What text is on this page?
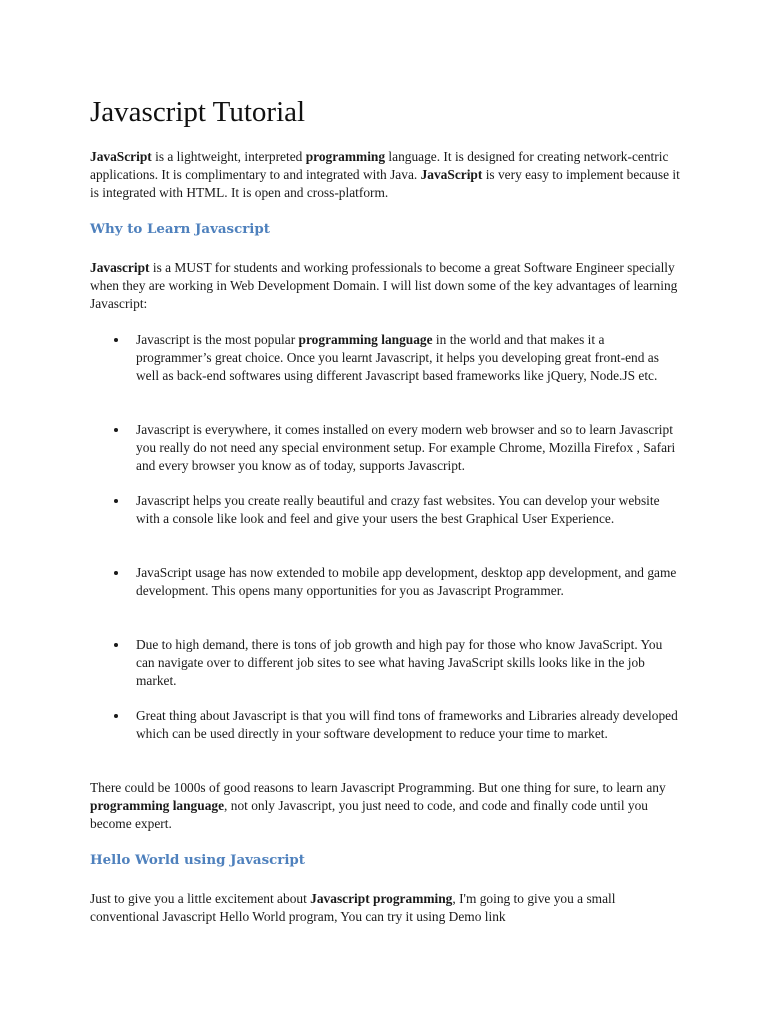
Javascript Tutorial

JavaScript is a lightweight, interpreted programming language. It is designed for creating network-centric applications. It is complimentary to and integrated with Java. JavaScript is very easy to implement because it is integrated with HTML. It is open and cross-platform.

Why to Learn Javascript

Javascript is a MUST for students and working professionals to become a great Software Engineer specially when they are working in Web Development Domain. I will list down some of the key advantages of learning Javascript:

Javascript is the most popular programming language in the world and that makes it a programmer’s great choice. Once you learnt Javascript, it helps you developing great front-end as well as back-end softwares using different Javascript based frameworks like jQuery, Node.JS etc.
Javascript is everywhere, it comes installed on every modern web browser and so to learn Javascript you really do not need any special environment setup. For example Chrome, Mozilla Firefox , Safari and every browser you know as of today, supports Javascript.
Javascript helps you create really beautiful and crazy fast websites. You can develop your website with a console like look and feel and give your users the best Graphical User Experience.
JavaScript usage has now extended to mobile app development, desktop app development, and game development. This opens many opportunities for you as Javascript Programmer.
Due to high demand, there is tons of job growth and high pay for those who know JavaScript. You can navigate over to different job sites to see what having JavaScript skills looks like in the job market.
Great thing about Javascript is that you will find tons of frameworks and Libraries already developed which can be used directly in your software development to reduce your time to market.

There could be 1000s of good reasons to learn Javascript Programming. But one thing for sure, to learn any programming language, not only Javascript, you just need to code, and code and finally code until you become expert.

Hello World using Javascript

Just to give you a little excitement about Javascript programming, I'm going to give you a small conventional Javascript Hello World program, You can try it using Demo link
